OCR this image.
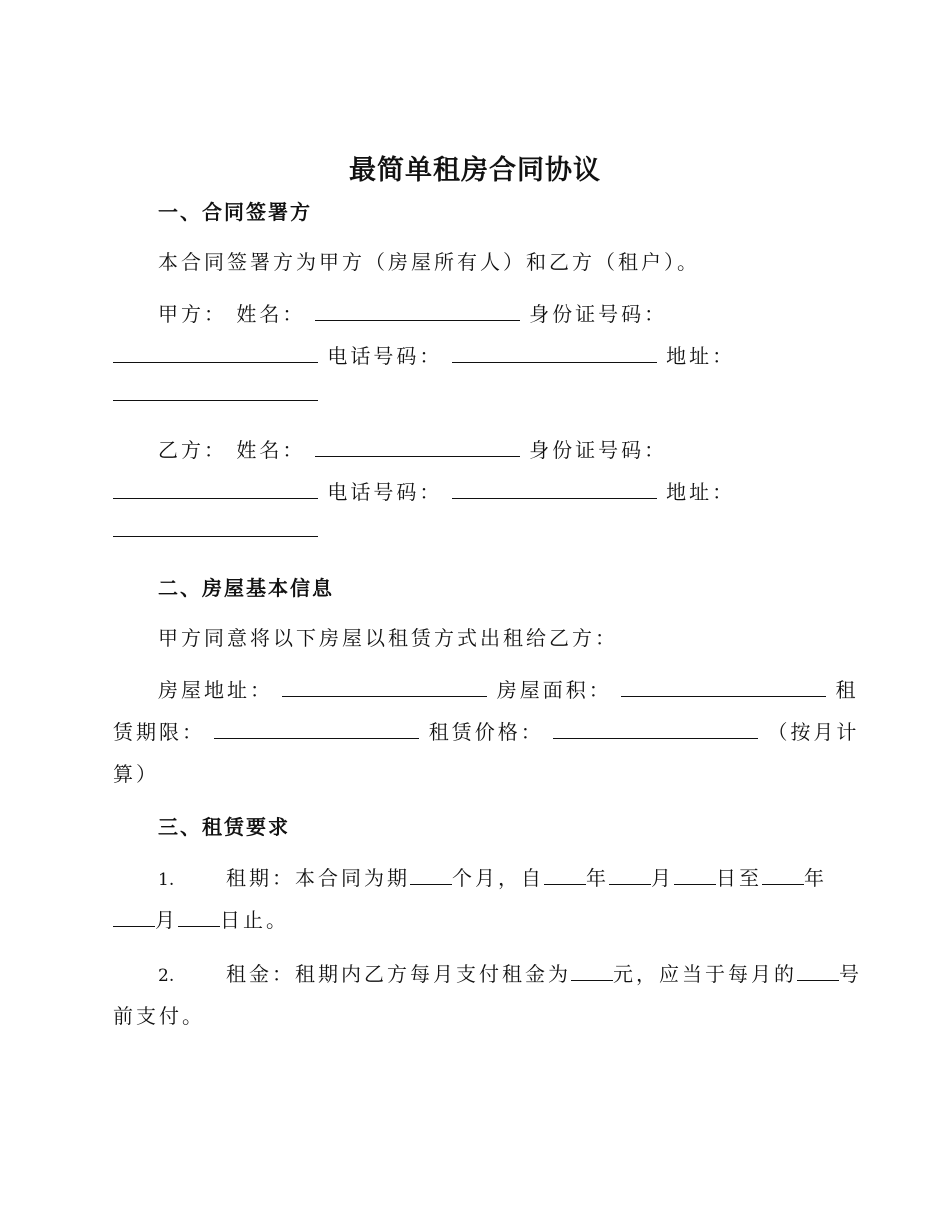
最简单租房合同协议
一、合同签署方
本合同签署方为甲方（房屋所有人）和乙方（租户）。
甲方： 姓名：	身份证号码：
电话号码：	地址：
乙方： 姓名：	身份证号码：
电话号码：	地址：
二、房屋基本信息
甲方同意将以下房屋以租赁方式出租给乙方：
房屋地址：	房屋面积：	租
赁期限：	租赁价格：	（按月计
算）
三、租赁要求
1.	租期：本合同为期 个月，自 年 月 日至 年
月 日止。
2.	租金：租期内乙方每月支付租金为 元，应当于每月的 号
前支付。
